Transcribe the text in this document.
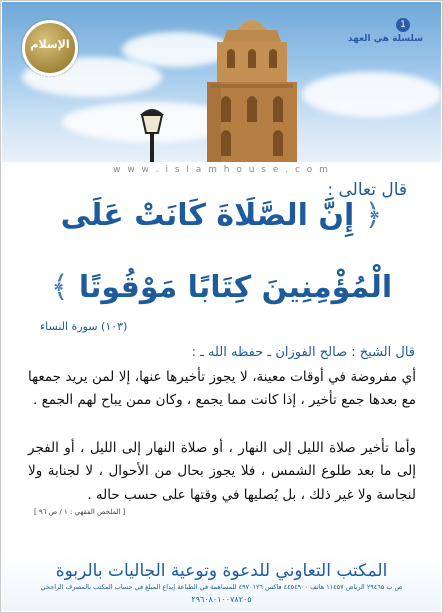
الإسلام
ISLAM HOUSE
1
سلسلة هي العهد
w w w . i s l a m h o u s e . c o m
قال تعالى :
﴿ إِنَّ الصَّلَاةَ كَانَتْ عَلَى
الْمُؤْمِنِينَ كِتَابًا مَوْقُوتًا ﴾
(١٠٣) سورة النساء
قال الشيخ : صالح الفوزان ـ حفظه الله ـ :
أي مفروضة في أوقات معينة، لا يجوز تأخيرها عنها، إلا لمن يريد جمعها مع بعدها جمع تأخير ، إذا كانت مما يجمع ، وكان ممن يباح لهم الجمع .
وأما تأخير صلاة الليل إلى النهار ، أو صلاة النهار إلى الليل ، أو الفجر إلى ما بعد طلوع الشمس ، فلا يجوز بحال من الأحوال ، لا لجنابة ولا لنجاسة ولا غير ذلك ، بل يُصليها في وقتها على حسب حاله .
[ الملخص الفقهي : ١ / ص ٩٦ ]
المكتب التعاوني للدعوة وتوعية الجاليات بالربوة
ص ب ٢٩٤٦٥ الرياض ١١٤٥٧ هاتف ٤٤٥٤٩٠٠ فاكس ٤٩٧٠١٢٦ للمساهمة في الطباعة إيداع المبلغ في حساب المكتب بالمصرف الراجحي
٢٩٦٠٨٠١٠٠٧٨٢٠٥
